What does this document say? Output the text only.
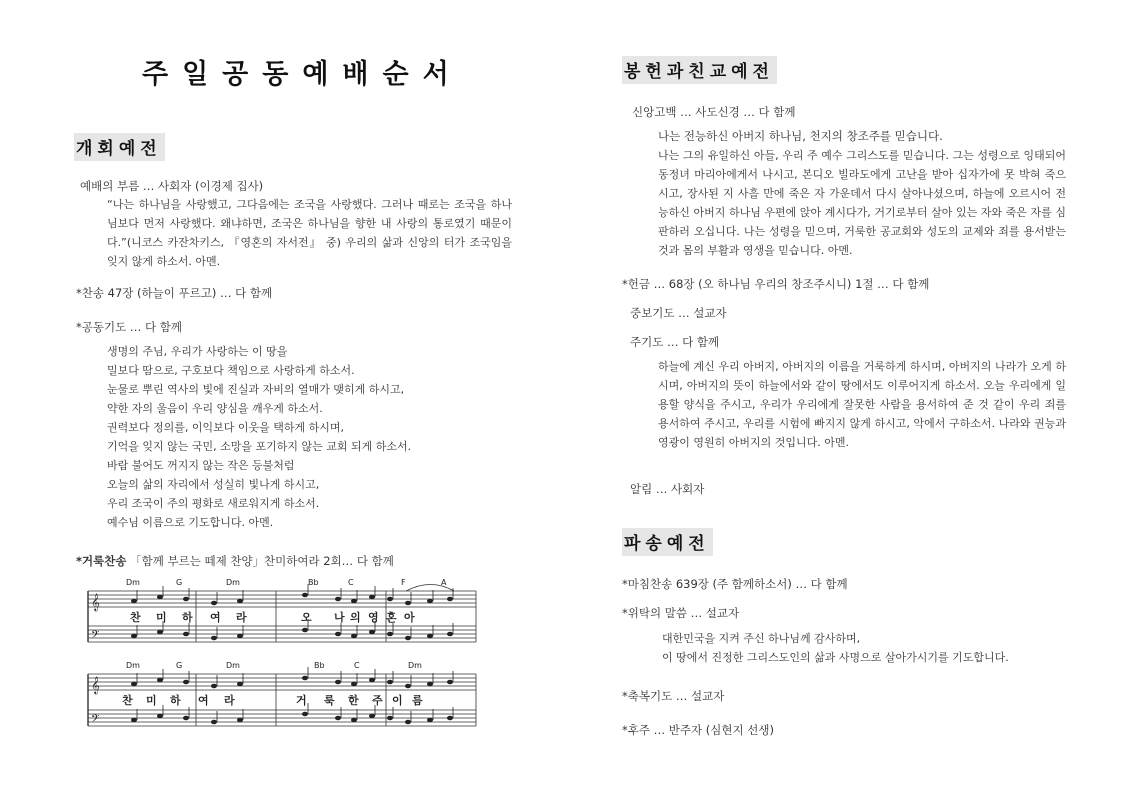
주일공동예배순서
개회예전
예배의 부름 … 사회자 (이경제 집사)
“나는 하나님을 사랑했고, 그다음에는 조국을 사랑했다. 그러나 때로는 조국을 하나님보다 먼저 사랑했다. 왜냐하면, 조국은 하나님을 향한 내 사랑의 통로였기 때문이다.”(니코스 카잔차키스, 『영혼의 자서전』 중) 우리의 삶과 신앙의 터가 조국임을 잊지 않게 하소서. 아멘.
*찬송 47장 (하늘이 푸르고) … 다 함께
*공동기도 … 다 함께
생명의 주님, 우리가 사랑하는 이 땅을
밀보다 땀으로, 구호보다 책임으로 사랑하게 하소서.
눈물로 뿌린 역사의 빛에 진실과 자비의 열매가 맺히게 하시고,
약한 자의 울음이 우리 양심을 깨우게 하소서.
권력보다 정의를, 이익보다 이웃을 택하게 하시며,
기억을 잊지 않는 국민, 소망을 포기하지 않는 교회 되게 하소서.
바람 불어도 꺼지지 않는 작은 등불처럼
오늘의 삶의 자리에서 성실히 빛나게 하시고,
우리 조국이 주의 평화로 새로워지게 하소서.
예수님 이름으로 기도합니다. 아멘.
*거룩찬송 「함께 부르는 떼제 찬양」찬미하여라 2회… 다 함께
𝄞
𝄢
𝄞
𝄢
Dm	G	Dm	Bb	C	F	A
Dm	G	Dm	Bb	C	Dm
찬 미 하 여 라	오 나 의 영 혼 아
찬 미 하 여 라	거 룩 한 주 이 름
봉헌과친교예전
신앙고백 … 사도신경 … 다 함께
나는 전능하신 아버지 하나님, 천지의 창조주를 믿습니다.
나는 그의 유일하신 아들, 우리 주 예수 그리스도를 믿습니다. 그는 성령으로 잉태되어 동정녀 마리아에게서 나시고, 본디오 빌라도에게 고난을 받아 십자가에 못 박혀 죽으시고, 장사된 지 사흘 만에 죽은 자 가운데서 다시 살아나셨으며, 하늘에 오르시어 전능하신 아버지 하나님 우편에 앉아 계시다가, 거기로부터 살아 있는 자와 죽은 자를 심판하러 오십니다. 나는 성령을 믿으며, 거룩한 공교회와 성도의 교제와 죄를 용서받는 것과 몸의 부활과 영생을 믿습니다. 아멘.
*헌금 … 68장 (오 하나님 우리의 창조주시니) 1절 … 다 함께
중보기도 … 설교자
주기도 … 다 함께
하늘에 계신 우리 아버지, 아버지의 이름을 거룩하게 하시며, 아버지의 나라가 오게 하시며, 아버지의 뜻이 하늘에서와 같이 땅에서도 이루어지게 하소서. 오늘 우리에게 일용할 양식을 주시고, 우리가 우리에게 잘못한 사람을 용서하여 준 것 같이 우리 죄를 용서하여 주시고, 우리를 시험에 빠지지 않게 하시고, 악에서 구하소서. 나라와 권능과 영광이 영원히 아버지의 것입니다. 아멘.
알림 … 사회자
파송예전
*마침찬송 639장 (주 함께하소서) … 다 함께
*위탁의 말씀 … 설교자
대한민국을 지켜 주신 하나님께 감사하며,
이 땅에서 진정한 그리스도인의 삶과 사명으로 살아가시기를 기도합니다.
*축복기도 … 설교자
*후주 … 반주자 (심현지 선생)
